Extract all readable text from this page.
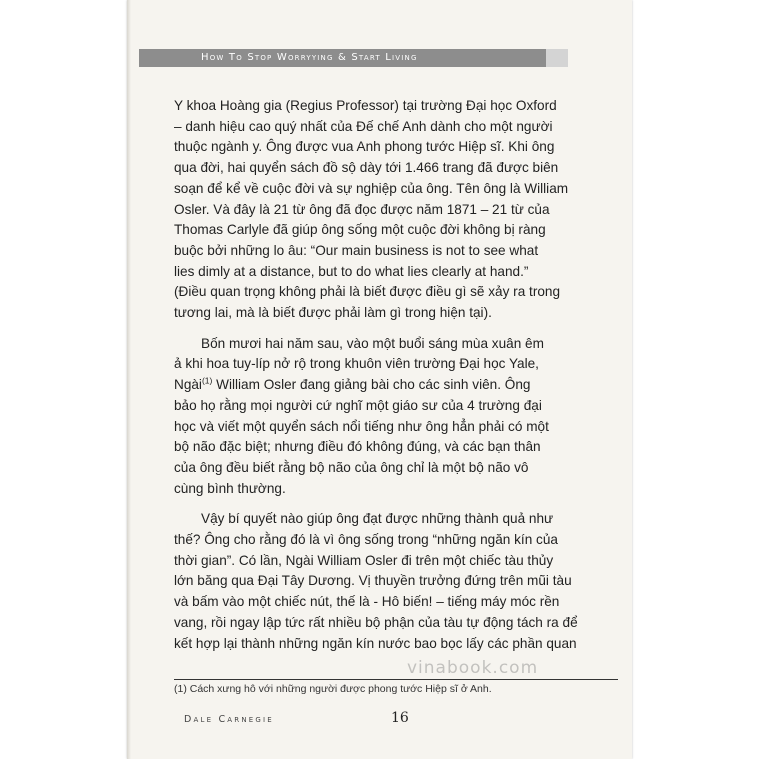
How To Stop Worryying & Start Living

Y khoa Hoàng gia (Regius Professor) tại trường Đại học Oxford
– danh hiệu cao quý nhất của Đế chế Anh dành cho một người
thuộc ngành y. Ông được vua Anh phong tước Hiệp sĩ. Khi ông
qua đời, hai quyển sách đồ sộ dày tới 1.466 trang đã được biên
soạn để kể về cuộc đời và sự nghiệp của ông. Tên ông là William
Osler. Và đây là 21 từ ông đã đọc được năm 1871 – 21 từ của
Thomas Carlyle đã giúp ông sống một cuộc đời không bị ràng
buộc bởi những lo âu: “Our main business is not to see what
lies dimly at a distance, but to do what lies clearly at hand.”
(Điều quan trọng không phải là biết được điều gì sẽ xảy ra trong
tương lai, mà là biết được phải làm gì trong hiện tại).

Bốn mươi hai năm sau, vào một buổi sáng mùa xuân êm
ả khi hoa tuy-líp nở rộ trong khuôn viên trường Đại học Yale,
Ngài$^{(1)}$ William Osler đang giảng bài cho các sinh viên. Ông
bảo họ rằng mọi người cứ nghĩ một giáo sư của 4 trường đại
học và viết một quyển sách nổi tiếng như ông hẳn phải có một
bộ não đặc biệt; nhưng điều đó không đúng, và các bạn thân
của ông đều biết rằng bộ não của ông chỉ là một bộ não vô
cùng bình thường.

Vậy bí quyết nào giúp ông đạt được những thành quả như
thế? Ông cho rằng đó là vì ông sống trong “những ngăn kín của
thời gian”. Có lần, Ngài William Osler đi trên một chiếc tàu thủy
lớn băng qua Đại Tây Dương. Vị thuyền trưởng đứng trên mũi tàu
và bấm vào một chiếc nút, thế là - Hô biến! – tiếng máy móc rền
vang, rồi ngay lập tức rất nhiều bộ phận của tàu tự động tách ra để
kết hợp lại thành những ngăn kín nước bao bọc lấy các phần quan

vinabook.com
(1) Cách xưng hô với những người được phong tước Hiệp sĩ ở Anh.
Dale Carnegie	16
